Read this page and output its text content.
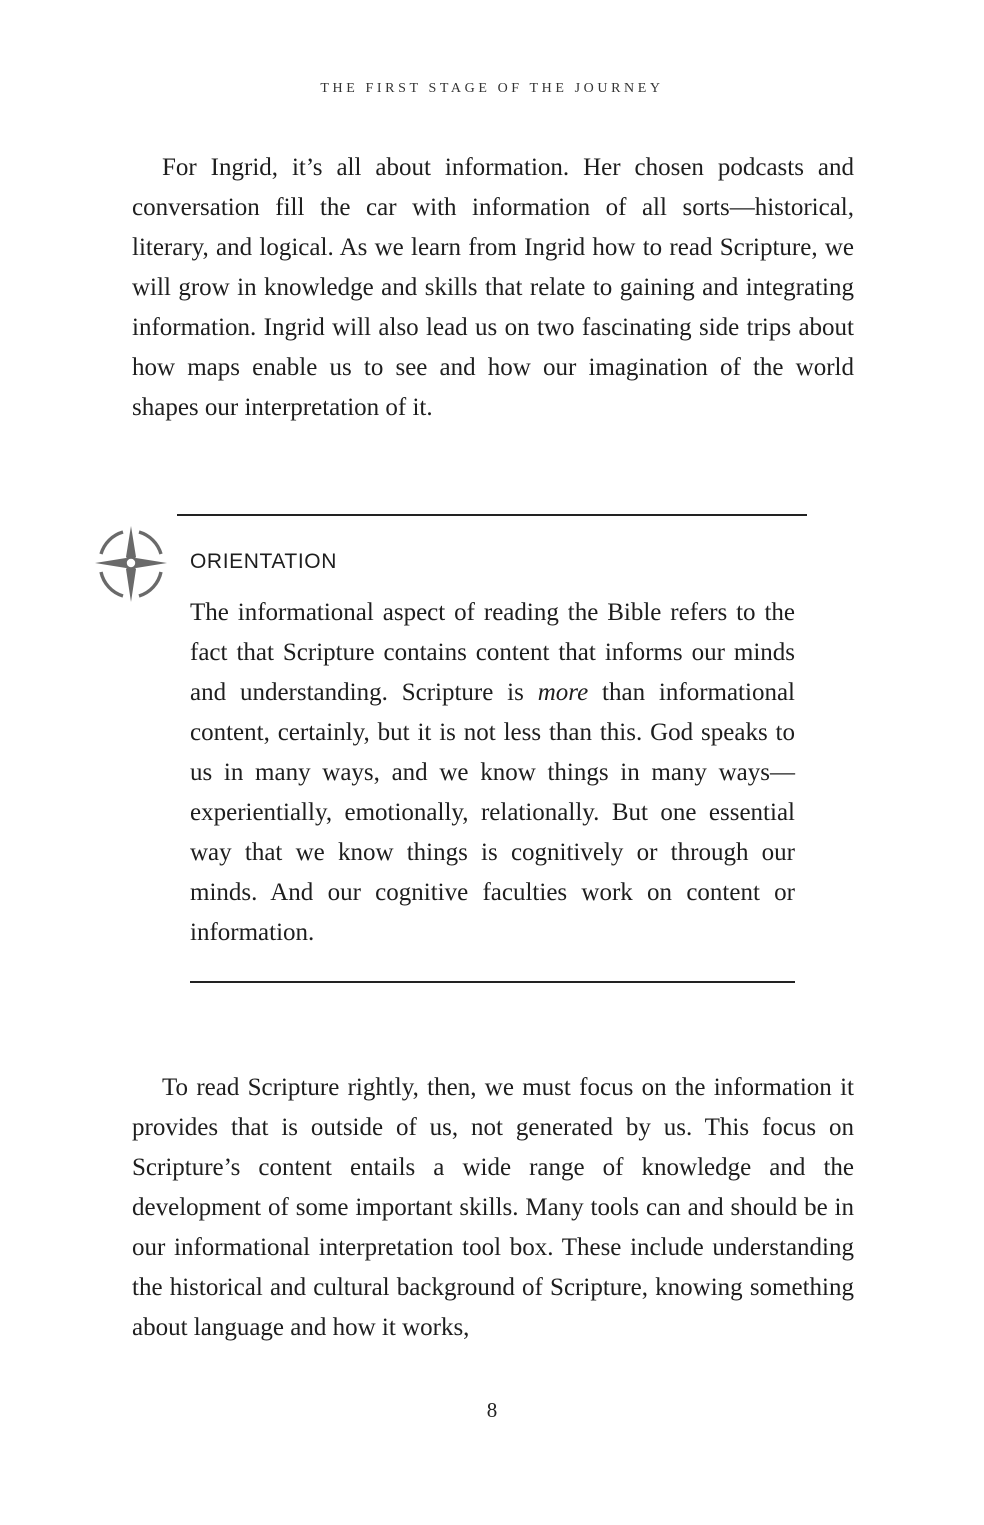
THE FIRST STAGE OF THE JOURNEY

For Ingrid, it’s all about information. Her chosen podcasts and conversation fill the car with information of all sorts—historical, literary, and logical. As we learn from Ingrid how to read Scripture, we will grow in knowledge and skills that relate to gaining and integrating information. Ingrid will also lead us on two fascinating side trips about how maps enable us to see and how our imagination of the world shapes our interpretation of it.

ORIENTATION

The informational aspect of reading the Bible refers to the fact that Scripture contains content that informs our minds and understanding. Scripture is more than informational content, certainly, but it is not less than this. God speaks to us in many ways, and we know things in many ways—experientially, emotionally, relationally. But one essential way that we know things is cognitively or through our minds. And our cognitive faculties work on content or information.

To read Scripture rightly, then, we must focus on the information it provides that is outside of us, not generated by us. This focus on Scripture’s content entails a wide range of knowledge and the development of some important skills. Many tools can and should be in our informational interpretation tool box. These include understanding the historical and cultural background of Scripture, knowing something about language and how it works,

8
